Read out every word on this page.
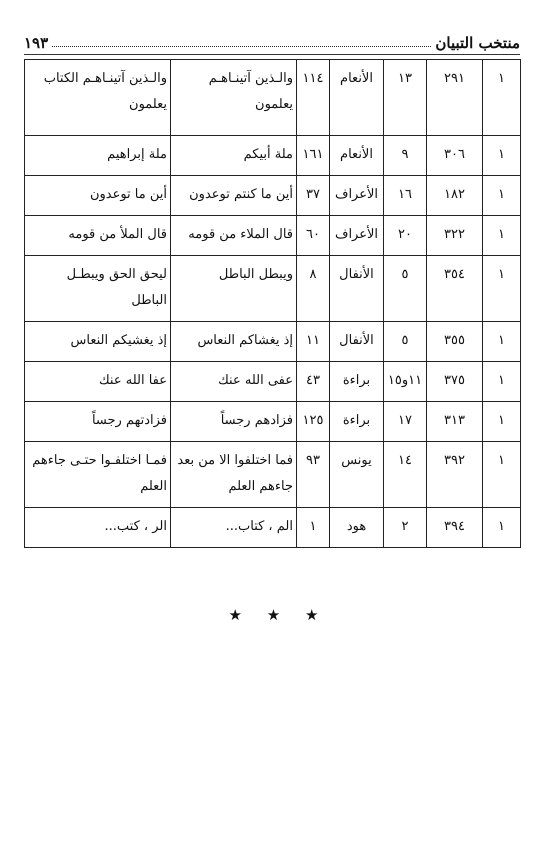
منتخب التبيان
١٩٣
١	٢٩١	١٣	الأنعام	١١٤	والـذين آتينـاهـم يعلمون	والـذين آتينـاهـم الكتاب يعلمون
١	٣٠٦	٩	الأنعام	١٦١	ملة أبيكم	ملة إبراهيم
١	١٨٢	١٦	الأعراف	٣٧	أين ما كنتم توعدون	أين ما توعدون
١	٣٢٢	٢٠	الأعراف	٦٠	قال الملاء من قومه	قال الملأ من قومه
١	٣٥٤	٥	الأنفال	٨	ويبطل الباطل	ليحق الحق ويبطـل الباطل
١	٣٥٥	٥	الأنفال	١١	إذ يغشاكم النعاس	إذ يغشيكم النعاس
١	٣٧٥	١١و١٥	براءة	٤٣	عفى الله عنك	عفا الله عنك
١	٣١٣	١٧	براءة	١٢٥	فزادهم رجساً	فزادتهم رجساً
١	٣٩٢	١٤	يونس	٩٣	فما اختلفوا الا من بعد جاءهم العلم	فمـا اختلفـوا حتـى جاءهم العلم
١	٣٩٤	٢	هود	١	الم ، كتاب...	الر ، كتب...
★ ★ ★
